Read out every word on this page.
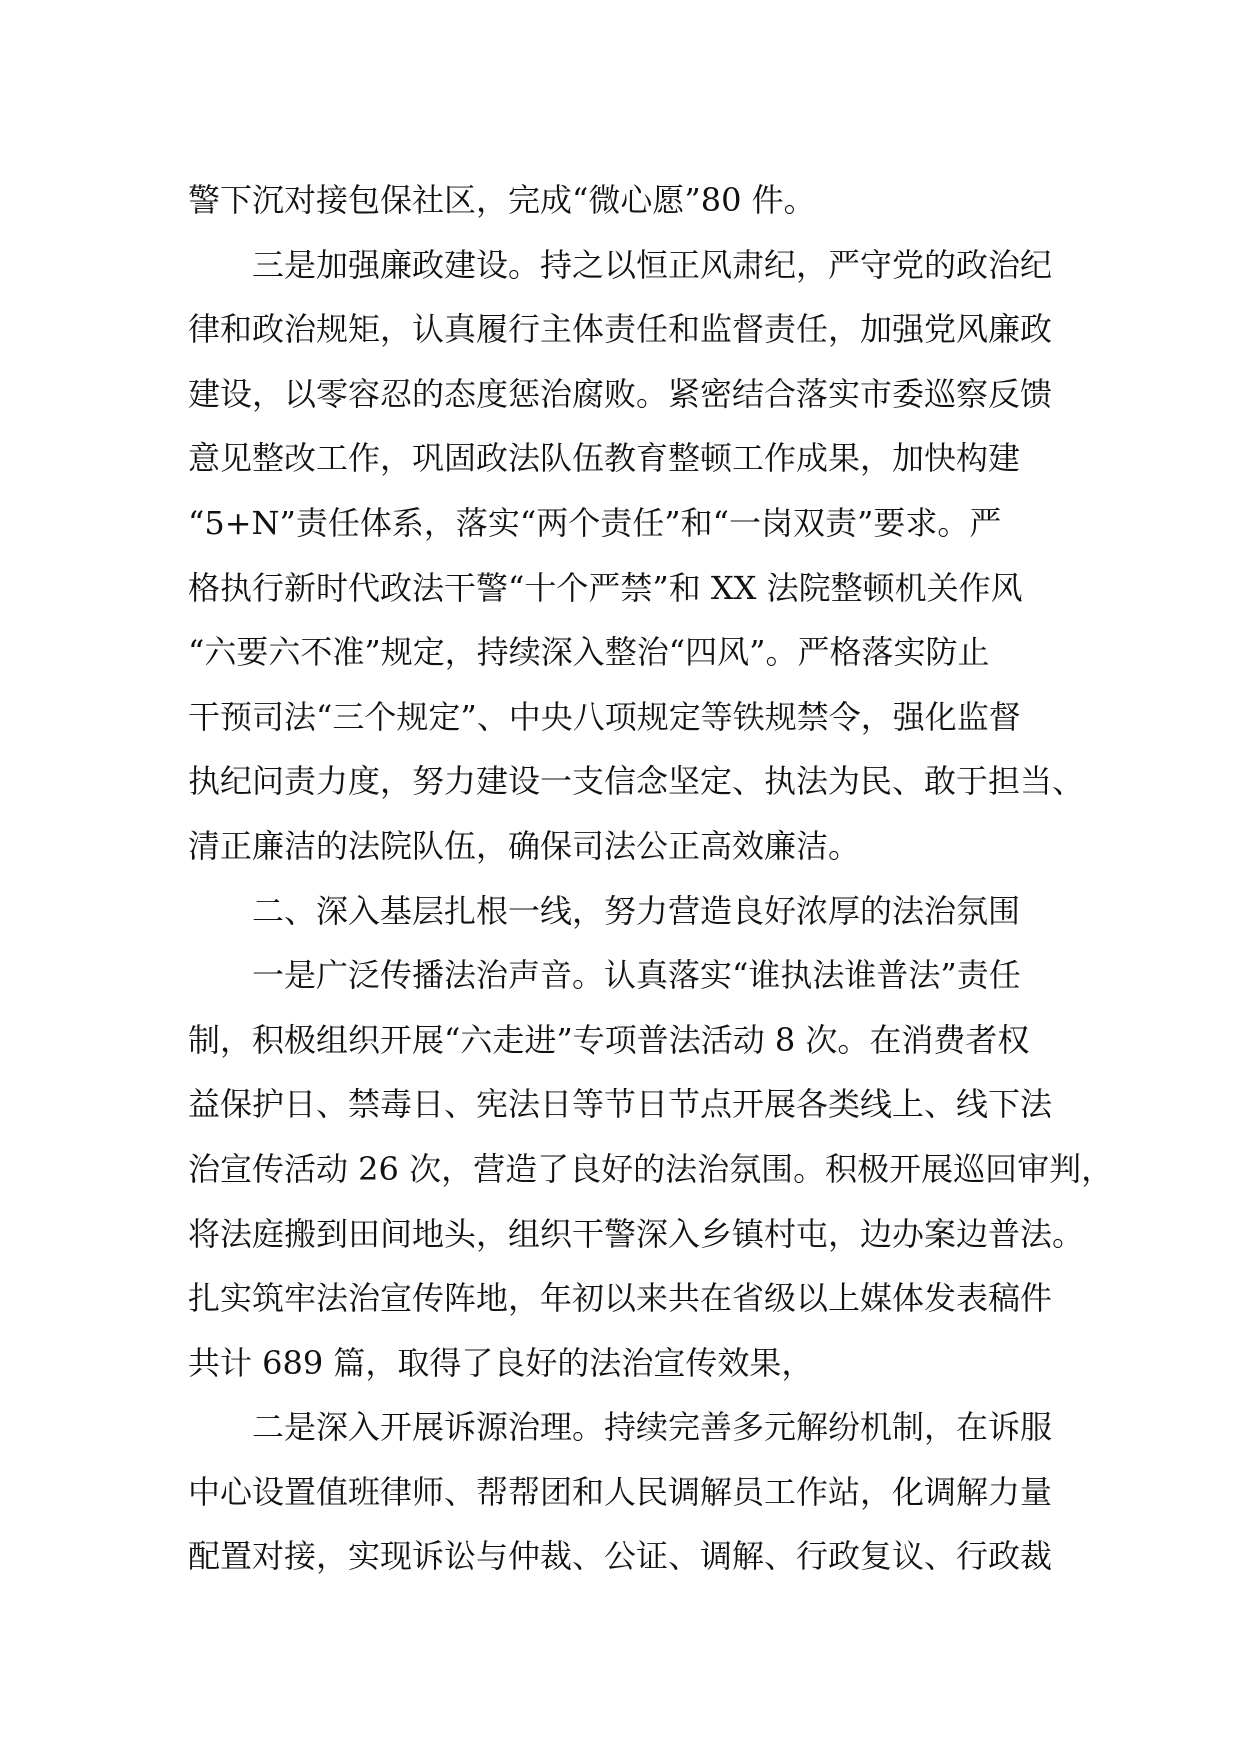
警下沉对接包保社区，完成“微心愿”80 件。
三是加强廉政建设。持之以恒正风肃纪，严守党的政治纪
律和政治规矩，认真履行主体责任和监督责任，加强党风廉政
建设，以零容忍的态度惩治腐败。紧密结合落实市委巡察反馈
意见整改工作，巩固政法队伍教育整顿工作成果，加快构建
“5+N”责任体系，落实“两个责任”和“一岗双责”要求。严
格执行新时代政法干警“十个严禁”和 XX 法院整顿机关作风
“六要六不准”规定，持续深入整治“四风”。严格落实防止
干预司法“三个规定”、中央八项规定等铁规禁令，强化监督
执纪问责力度，努力建设一支信念坚定、执法为民、敢于担当、
清正廉洁的法院队伍，确保司法公正高效廉洁。
二、深入基层扎根一线，努力营造良好浓厚的法治氛围
一是广泛传播法治声音。认真落实“谁执法谁普法”责任
制，积极组织开展“六走进”专项普法活动 8 次。在消费者权
益保护日、禁毒日、宪法日等节日节点开展各类线上、线下法
治宣传活动 26 次，营造了良好的法治氛围。积极开展巡回审判，
将法庭搬到田间地头，组织干警深入乡镇村屯，边办案边普法。
扎实筑牢法治宣传阵地，年初以来共在省级以上媒体发表稿件
共计 689 篇，取得了良好的法治宣传效果，
二是深入开展诉源治理。持续完善多元解纷机制，在诉服
中心设置值班律师、帮帮团和人民调解员工作站，化调解力量
配置对接，实现诉讼与仲裁、公证、调解、行政复议、行政裁
